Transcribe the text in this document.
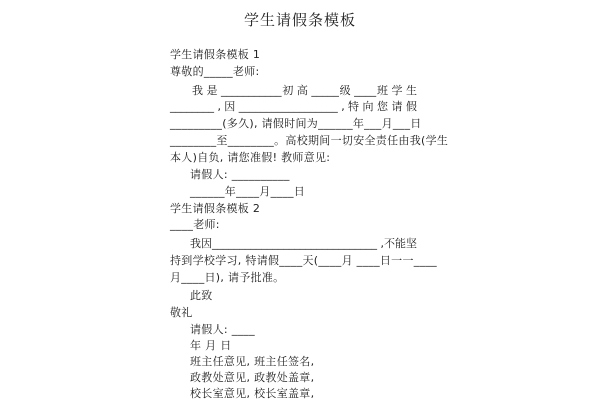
学生请假条模板
学生请假条模板 1
尊敬的_____老师:
我 是 ___________ 初 高 _____ 级 ____ 班 学 生
________ , 因 __________________ , 特 向 您 请 假
_________(多久), 请假时间为______年___月___日
________至________。高校期间一切安全责任由我(学生
本人)自负, 请您准假! 教师意见:
请假人: __________
______年____月____日
学生请假条模板 2
____老师:
我因______________________________ , 不能坚
持到学校学习, 特请假____天(____月 ____日一一____
月____日), 请予批准。
此致
敬礼
请假人: ____
年 月 日
班主任意见, 班主任签名,
政教处意见, 政教处盖章,
校长室意见, 校长室盖章,
